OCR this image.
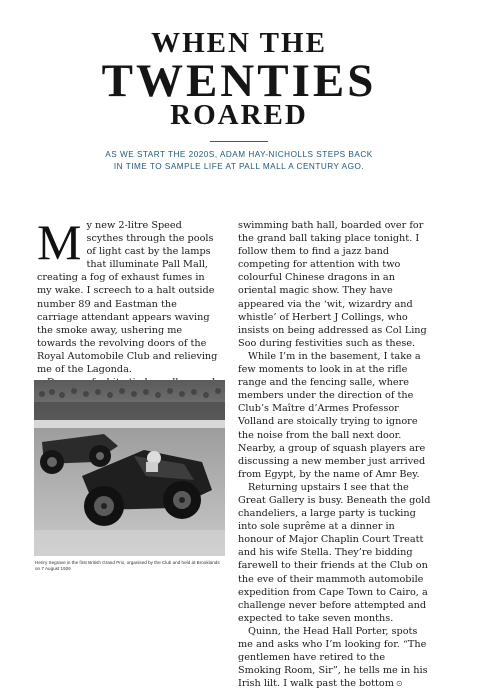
WHEN THE
TWENTIES
ROARED
AS WE START THE 2020S, ADAM HAY-NICHOLLS STEPS BACK
IN TIME TO SAMPLE LIFE AT PALL MALL A CENTURY AGO.

M y new 2-litre Speed scythes through the pools of light cast by the lamps that illuminate Pall Mall, creating a fog of exhaust fumes in my wake. I screech to a halt outside number 89 and Eastman the carriage attendant appears waving the smoke away, ushering me towards the revolving doors of the Royal Automobile Club and relieving me of the Lagonda.

swimming bath hall, boarded over for the grand ball taking place tonight. I follow them to find a jazz band competing for attention with two colourful Chinese dragons in an oriental magic show. They have appeared via the ‘wit, wizardry and whistle’ of Herbert J Collings, who insists on being addressed as Col Ling Soo during festivities such as these.

While I’m in the basement, I take a few moments to look in at the rifle range and the fencing salle, where members under the direction of the Club’s Maître d’Armes Professor Volland are stoically trying to ignore the noise from the ball next door. Nearby, a group of squash players are discussing a new member just arrived from Egypt, by the name of Amr Bey.

Returning upstairs I see that the Great Gallery is busy. Beneath the gold chandeliers, a large party is tucking into sole suprême at a dinner in honour of Major Chaplin Court Treatt and his wife Stella. They’re bidding farewell to their friends at the Club on the eve of their mammoth automobile expedition from Cape Town to Cairo, a challenge never before attempted and expected to take seven months.

Quinn, the Head Hall Porter, spots me and asks who I’m looking for. “The gentlemen have retired to the Smoking Room, Sir”, he tells me in his Irish lilt. I walk past the bottom ⊙

Henry Segrave in the first British Grand Prix, organised by the Club and held at Brooklands on 7 August 1926
